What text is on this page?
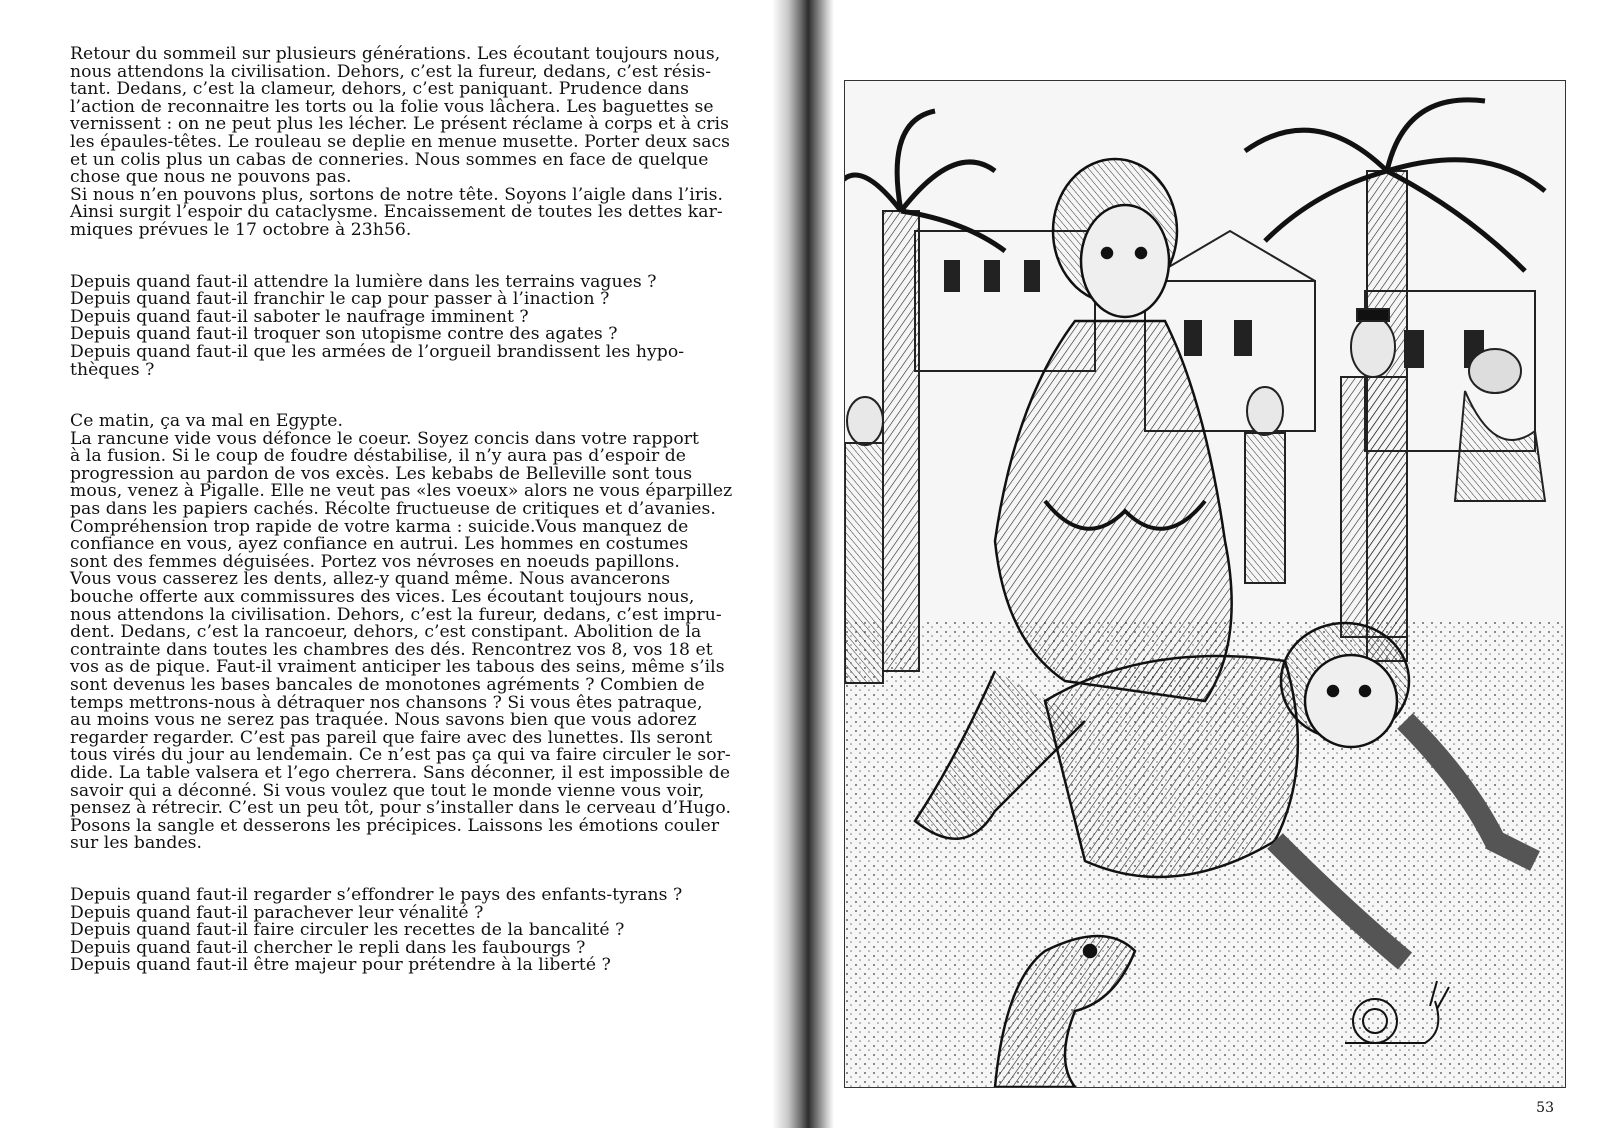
Retour du sommeil sur plusieurs générations. Les écoutant toujours nous,
nous attendons la civilisation. Dehors, c’est la fureur, dedans, c’est résis-
tant. Dedans, c’est la clameur, dehors, c’est paniquant. Prudence dans
l’action de reconnaitre les torts ou la folie vous lâchera. Les baguettes se
vernissent : on ne peut plus les lécher. Le présent réclame à corps et à cris
les épaules-têtes. Le rouleau se deplie en menue musette. Porter deux sacs
et un colis plus un cabas de conneries. Nous sommes en face de quelque
chose que nous ne pouvons pas.
Si nous n’en pouvons plus, sortons de notre tête. Soyons l’aigle dans l’iris.
Ainsi surgit l’espoir du cataclysme. Encaissement de toutes les dettes kar-
miques prévues le 17 octobre à 23h56.
Depuis quand faut-il attendre la lumière dans les terrains vagues ?
Depuis quand faut-il franchir le cap pour passer à l’inaction ?
Depuis quand faut-il saboter le naufrage imminent ?
Depuis quand faut-il troquer son utopisme contre des agates ?
Depuis quand faut-il que les armées de l’orgueil brandissent les hypo-
thèques ?
Ce matin, ça va mal en Egypte.
La rancune vide vous défonce le coeur. Soyez concis dans votre rapport
à la fusion. Si le coup de foudre déstabilise, il n’y aura pas d’espoir de
progression au pardon de vos excès. Les kebabs de Belleville sont tous
mous, venez à Pigalle. Elle ne veut pas «les voeux» alors ne vous éparpillez
pas dans les papiers cachés. Récolte fructueuse de critiques et d’avanies.
Compréhension trop rapide de votre karma : suicide.Vous manquez de
confiance en vous, ayez confiance en autrui. Les hommes en costumes
sont des femmes déguisées. Portez vos névroses en noeuds papillons.
Vous vous casserez les dents, allez-y quand même. Nous avancerons
bouche offerte aux commissures des vices. Les écoutant toujours nous,
nous attendons la civilisation. Dehors, c’est la fureur, dedans, c’est impru-
dent. Dedans, c’est la rancoeur, dehors, c’est constipant. Abolition de la
contrainte dans toutes les chambres des dés. Rencontrez vos 8, vos 18 et
vos as de pique. Faut-il vraiment anticiper les tabous des seins, même s’ils
sont devenus les bases bancales de monotones agréments ? Combien de
temps mettrons-nous à détraquer nos chansons ? Si vous êtes patraque,
au moins vous ne serez pas traquée. Nous savons bien que vous adorez
regarder regarder. C’est pas pareil que faire avec des lunettes. Ils seront
tous virés du jour au lendemain. Ce n’est pas ça qui va faire circuler le sor-
dide. La table valsera et l’ego cherrera. Sans déconner, il est impossible de
savoir qui a déconné. Si vous voulez que tout le monde vienne vous voir,
pensez à rétrecir. C’est un peu tôt, pour s’installer dans le cerveau d’Hugo.
Posons la sangle et desserons les précipices. Laissons les émotions couler
sur les bandes.
Depuis quand faut-il regarder s’effondrer le pays des enfants-tyrans ?
Depuis quand faut-il parachever leur vénalité ?
Depuis quand faut-il faire circuler les recettes de la bancalité ?
Depuis quand faut-il chercher le repli dans les faubourgs ?
Depuis quand faut-il être majeur pour prétendre à la liberté ?
53
